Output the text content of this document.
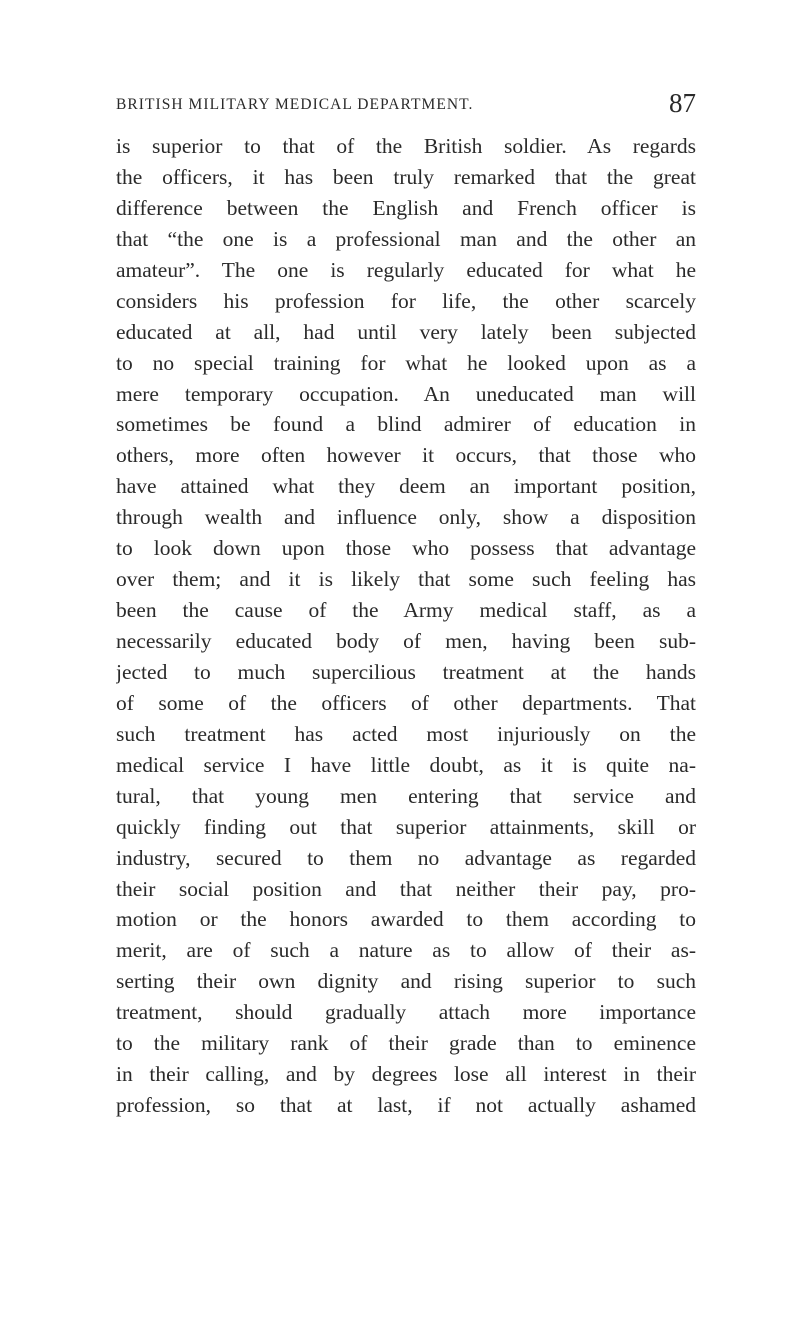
BRITISH MILITARY MEDICAL DEPARTMENT.	87
is superior to that of the British soldier. As regards
the officers, it has been truly remarked that the great
difference between the English and French officer is
that “the one is a professional man and the other an
amateur”. The one is regularly educated for what he
considers his profession for life, the other scarcely
educated at all, had until very lately been subjected
to no special training for what he looked upon as a
mere temporary occupation. An uneducated man will
sometimes be found a blind admirer of education in
others, more often however it occurs, that those who
have attained what they deem an important position,
through wealth and influence only, show a disposition
to look down upon those who possess that advantage
over them; and it is likely that some such feeling has
been the cause of the Army medical staff, as a
necessarily educated body of men, having been sub-
jected to much supercilious treatment at the hands
of some of the officers of other departments. That
such treatment has acted most injuriously on the
medical service I have little doubt, as it is quite na-
tural, that young men entering that service and
quickly finding out that superior attainments, skill or
industry, secured to them no advantage as regarded
their social position and that neither their pay, pro-
motion or the honors awarded to them according to
merit, are of such a nature as to allow of their as-
serting their own dignity and rising superior to such
treatment, should gradually attach more importance
to the military rank of their grade than to eminence
in their calling, and by degrees lose all interest in their
profession, so that at last, if not actually ashamed
